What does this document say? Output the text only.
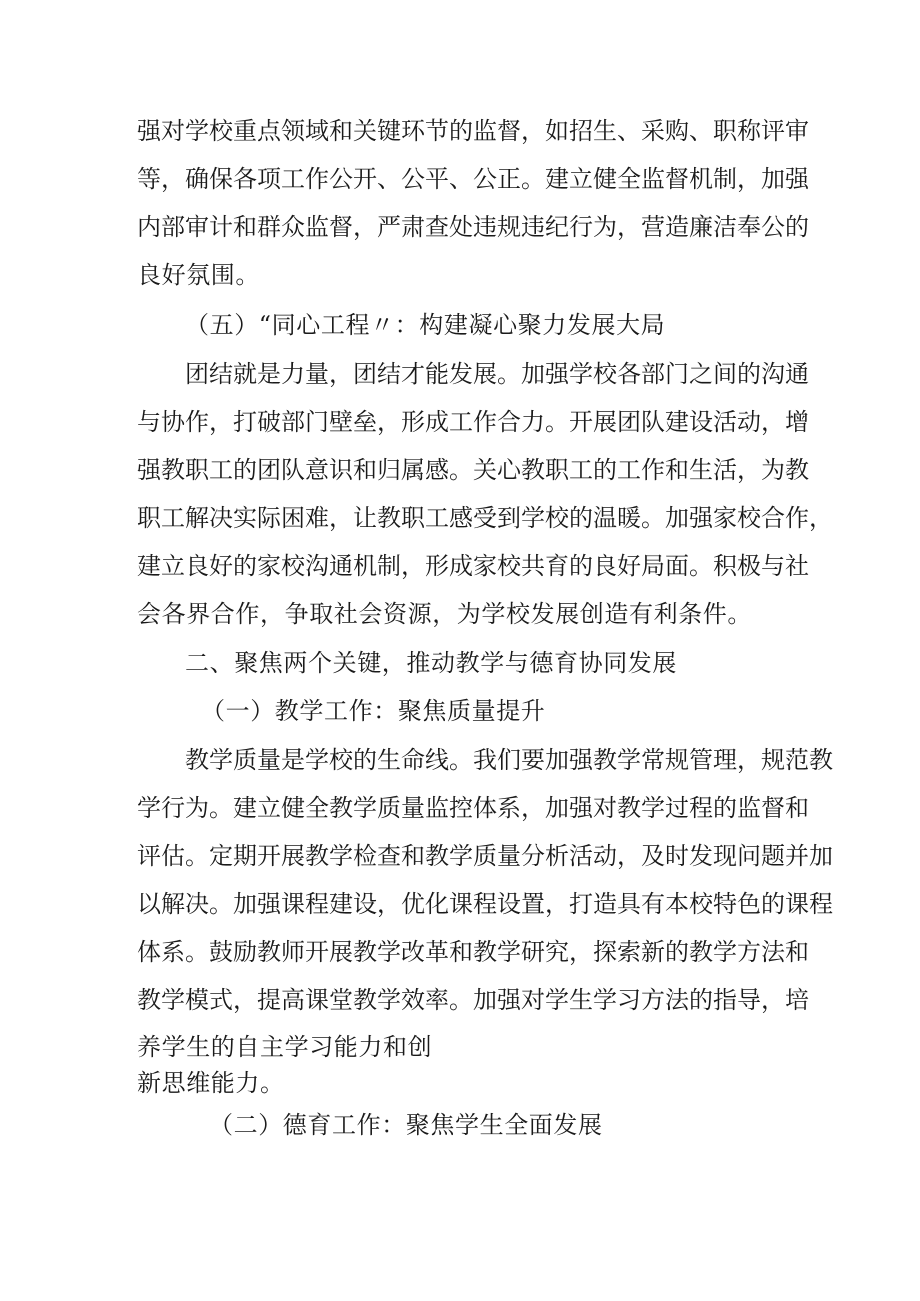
强对学校重点领域和关键环节的监督，如招生、采购、职称评审
等，确保各项工作公开、公平、公正。建立健全监督机制，加强
内部审计和群众监督，严肃查处违规违纪行为，营造廉洁奉公的
良好氛围。
（五）“同心工程〃：构建凝心聚力发展大局
团结就是力量，团结才能发展。加强学校各部门之间的沟通
与协作，打破部门壁垒，形成工作合力。开展团队建设活动，增
强教职工的团队意识和归属感。关心教职工的工作和生活，为教
职工解决实际困难，让教职工感受到学校的温暖。加强家校合作，
建立良好的家校沟通机制，形成家校共育的良好局面。积极与社
会各界合作，争取社会资源，为学校发展创造有利条件。
二、聚焦两个关键，推动教学与德育协同发展
（一）教学工作：聚焦质量提升
教学质量是学校的生命线。我们要加强教学常规管理，规范教
学行为。建立健全教学质量监控体系，加强对教学过程的监督和
评估。定期开展教学检查和教学质量分析活动，及时发现问题并加
以解决。加强课程建设，优化课程设置，打造具有本校特色的课程
体系。鼓励教师开展教学改革和教学研究，探索新的教学方法和
教学模式，提高课堂教学效率。加强对学生学习方法的指导，培
养学生的自主学习能力和创
新思维能力。
（二）德育工作：聚焦学生全面发展
